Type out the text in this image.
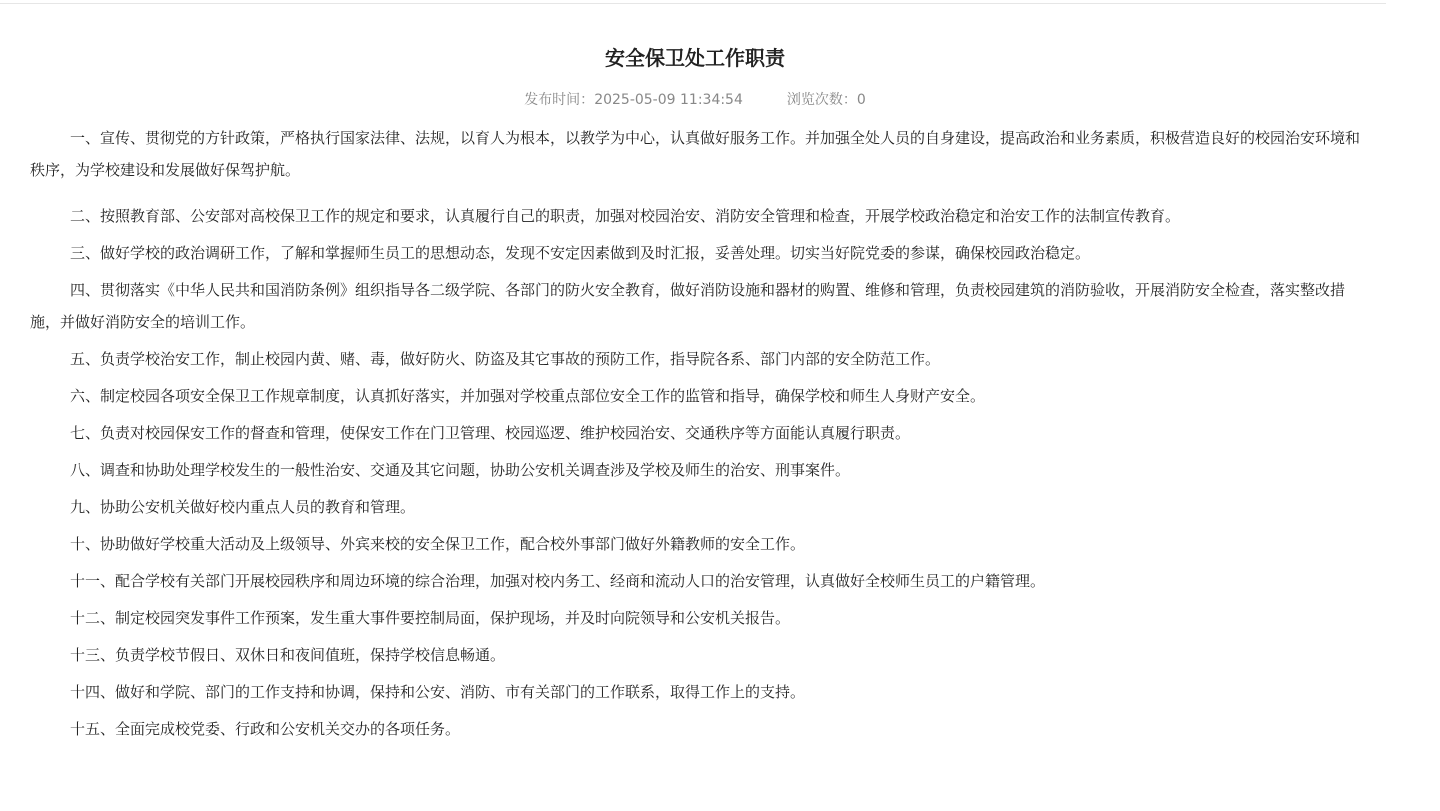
安全保卫处工作职责
发布时间：2025-05-09 11:34:54	浏览次数：0

一、宣传、贯彻党的方针政策，严格执行国家法律、法规，以育人为根本，以教学为中心，认真做好服务工作。并加强全处人员的自身建设，提高政治和业务素质，积极营造良好的校园治安环境和秩序，为学校建设和发展做好保驾护航。

二、按照教育部、公安部对高校保卫工作的规定和要求，认真履行自己的职责，加强对校园治安、消防安全管理和检查，开展学校政治稳定和治安工作的法制宣传教育。

三、做好学校的政治调研工作，了解和掌握师生员工的思想动态，发现不安定因素做到及时汇报，妥善处理。切实当好院党委的参谋，确保校园政治稳定。

四、贯彻落实《中华人民共和国消防条例》组织指导各二级学院、各部门的防火安全教育，做好消防设施和器材的购置、维修和管理，负责校园建筑的消防验收，开展消防安全检查，落实整改措施，并做好消防安全的培训工作。

五、负责学校治安工作，制止校园内黄、赌、毒，做好防火、防盗及其它事故的预防工作，指导院各系、部门内部的安全防范工作。

六、制定校园各项安全保卫工作规章制度，认真抓好落实，并加强对学校重点部位安全工作的监管和指导，确保学校和师生人身财产安全。

七、负责对校园保安工作的督查和管理，使保安工作在门卫管理、校园巡逻、维护校园治安、交通秩序等方面能认真履行职责。

八、调查和协助处理学校发生的一般性治安、交通及其它问题，协助公安机关调查涉及学校及师生的治安、刑事案件。

九、协助公安机关做好校内重点人员的教育和管理。

十、协助做好学校重大活动及上级领导、外宾来校的安全保卫工作，配合校外事部门做好外籍教师的安全工作。

十一、配合学校有关部门开展校园秩序和周边环境的综合治理，加强对校内务工、经商和流动人口的治安管理，认真做好全校师生员工的户籍管理。

十二、制定校园突发事件工作预案，发生重大事件要控制局面，保护现场，并及时向院领导和公安机关报告。

十三、负责学校节假日、双休日和夜间值班，保持学校信息畅通。

十四、做好和学院、部门的工作支持和协调，保持和公安、消防、市有关部门的工作联系，取得工作上的支持。

十五、全面完成校党委、行政和公安机关交办的各项任务。
